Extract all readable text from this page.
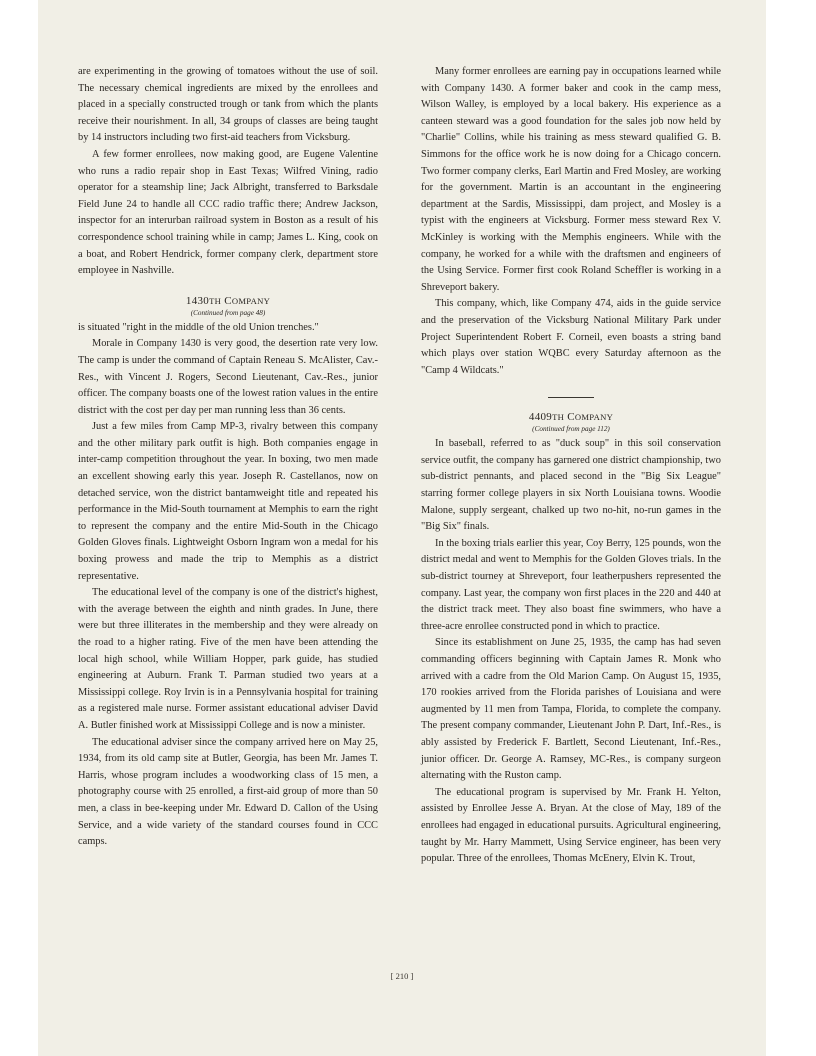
are experimenting in the growing of tomatoes without the use of soil. The necessary chemical ingredients are mixed by the enrollees and placed in a specially constructed trough or tank from which the plants receive their nourishment. In all, 34 groups of classes are being taught by 14 instructors including two first-aid teachers from Vicksburg.

A few former enrollees, now making good, are Eugene Valentine who runs a radio repair shop in East Texas; Wilfred Vining, radio operator for a steamship line; Jack Albright, transferred to Barksdale Field June 24 to handle all CCC radio traffic there; Andrew Jackson, inspector for an interurban railroad system in Boston as a result of his correspondence school training while in camp; James L. King, cook on a boat, and Robert Hendrick, former company clerk, department store employee in Nashville.

1430TH COMPANY
(Continued from page 48)

is situated "right in the middle of the old Union trenches."

Morale in Company 1430 is very good, the desertion rate very low. The camp is under the command of Captain Reneau S. McAlister, Cav.-Res., with Vincent J. Rogers, Second Lieutenant, Cav.-Res., junior officer. The company boasts one of the lowest ration values in the entire district with the cost per day per man running less than 36 cents.

Just a few miles from Camp MP-3, rivalry between this company and the other military park outfit is high. Both companies engage in inter-camp competition throughout the year. In boxing, two men made an excellent showing early this year. Joseph R. Castellanos, now on detached service, won the district bantamweight title and repeated his performance in the Mid-South tournament at Memphis to earn the right to represent the company and the entire Mid-South in the Chicago Golden Gloves finals. Lightweight Osborn Ingram won a medal for his boxing prowess and made the trip to Memphis as a district representative.

The educational level of the company is one of the district's highest, with the average between the eighth and ninth grades. In June, there were but three illiterates in the membership and they were already on the road to a higher rating. Five of the men have been attending the local high school, while William Hopper, park guide, has studied engineering at Auburn. Frank T. Parman studied two years at a Mississippi college. Roy Irvin is in a Pennsylvania hospital for training as a registered male nurse. Former assistant educational adviser David A. Butler finished work at Mississippi College and is now a minister.

The educational adviser since the company arrived here on May 25, 1934, from its old camp site at Butler, Georgia, has been Mr. James T. Harris, whose program includes a woodworking class of 15 men, a photography course with 25 enrolled, a first-aid group of more than 50 men, a class in bee-keeping under Mr. Edward D. Callon of the Using Service, and a wide variety of the standard courses found in CCC camps.

Many former enrollees are earning pay in occupations learned while with Company 1430. A former baker and cook in the camp mess, Wilson Walley, is employed by a local bakery. His experience as a canteen steward was a good foundation for the sales job now held by "Charlie" Collins, while his training as mess steward qualified G. B. Simmons for the office work he is now doing for a Chicago concern. Two former company clerks, Earl Martin and Fred Mosley, are working for the government. Martin is an accountant in the engineering department at the Sardis, Mississippi, dam project, and Mosley is a typist with the engineers at Vicksburg. Former mess steward Rex V. McKinley is working with the Memphis engineers. While with the company, he worked for a while with the draftsmen and engineers of the Using Service. Former first cook Roland Scheffler is working in a Shreveport bakery.

This company, which, like Company 474, aids in the guide service and the preservation of the Vicksburg National Military Park under Project Superintendent Robert F. Corneil, even boasts a string band which plays over station WQBC every Saturday afternoon as the "Camp 4 Wildcats."

4409TH COMPANY
(Continued from page 112)

In baseball, referred to as "duck soup" in this soil conservation service outfit, the company has garnered one district championship, two sub-district pennants, and placed second in the "Big Six League" starring former college players in six North Louisiana towns. Woodie Malone, supply sergeant, chalked up two no-hit, no-run games in the "Big Six" finals.

In the boxing trials earlier this year, Coy Berry, 125 pounds, won the district medal and went to Memphis for the Golden Gloves trials. In the sub-district tourney at Shreveport, four leatherpushers represented the company. Last year, the company won first places in the 220 and 440 at the district track meet. They also boast fine swimmers, who have a three-acre enrollee constructed pond in which to practice.

Since its establishment on June 25, 1935, the camp has had seven commanding officers beginning with Captain James R. Monk who arrived with a cadre from the Old Marion Camp. On August 15, 1935, 170 rookies arrived from the Florida parishes of Louisiana and were augmented by 11 men from Tampa, Florida, to complete the company. The present company commander, Lieutenant John P. Dart, Inf.-Res., is ably assisted by Frederick F. Bartlett, Second Lieutenant, Inf.-Res., junior officer. Dr. George A. Ramsey, MC-Res., is company surgeon alternating with the Ruston camp.

The educational program is supervised by Mr. Frank H. Yelton, assisted by Enrollee Jesse A. Bryan. At the close of May, 189 of the enrollees had engaged in educational pursuits. Agricultural engineering, taught by Mr. Harry Mammett, Using Service engineer, has been very popular. Three of the enrollees, Thomas McEnery, Elvin K. Trout,

[ 210 ]
